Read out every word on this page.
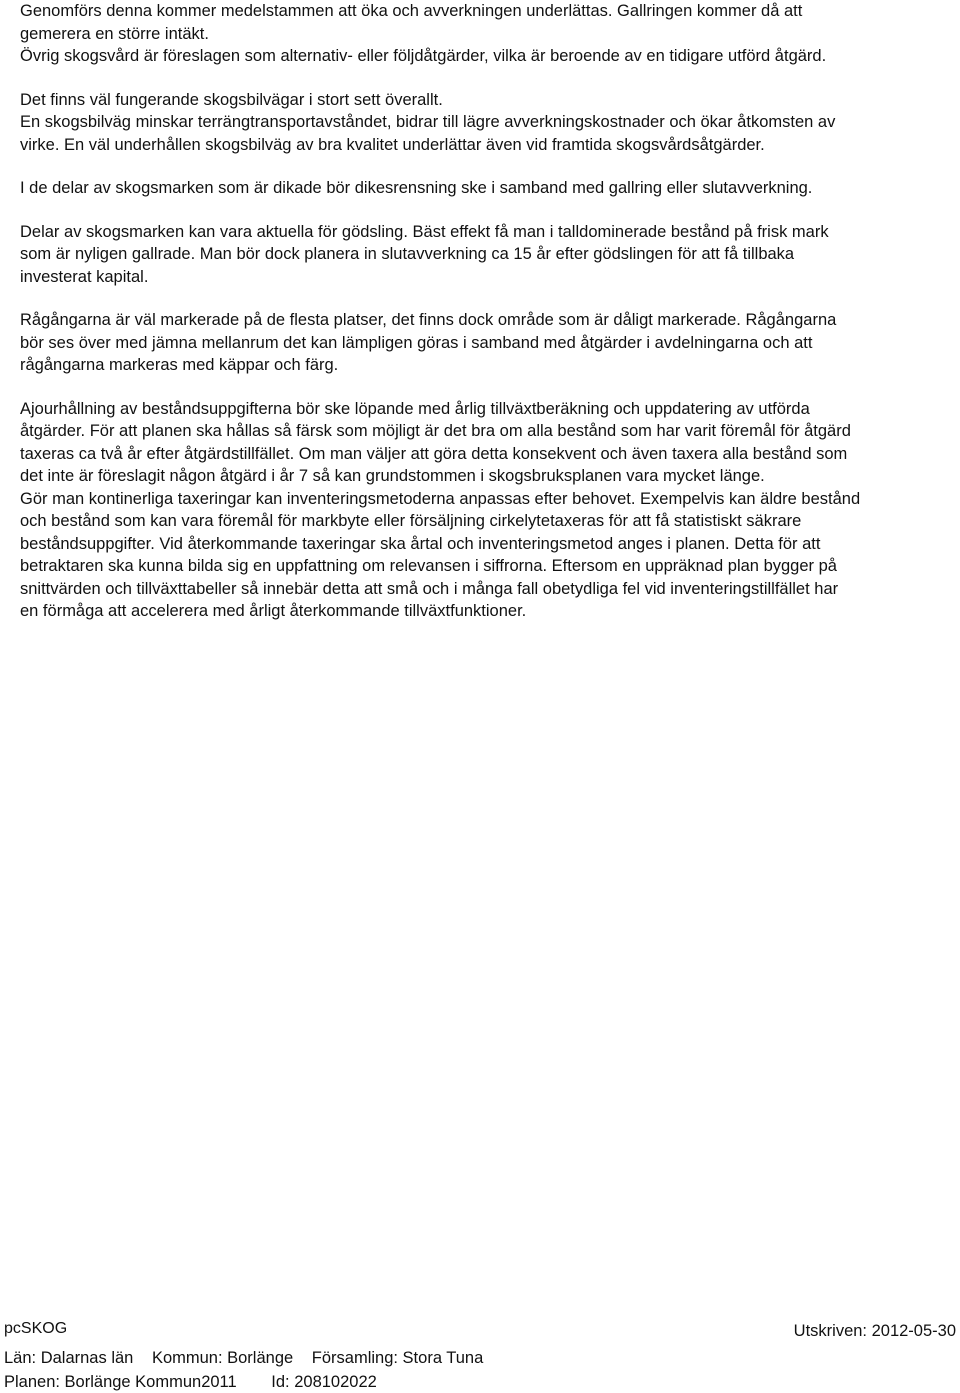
Genomförs denna kommer medelstammen att öka och avverkningen underlättas. Gallringen kommer då att
gemerera en större intäkt.
Övrig skogsvård är föreslagen som alternativ- eller följdåtgärder, vilka är beroende av en tidigare utförd åtgärd.
Det finns väl fungerande skogsbilvägar i stort sett överallt.
En skogsbilväg minskar terrängtransportavståndet, bidrar till lägre avverkningskostnader och ökar åtkomsten av
virke. En väl underhållen skogsbilväg av bra kvalitet underlättar även vid framtida skogsvårdsåtgärder.
I de delar av skogsmarken som är dikade bör dikesrensning ske i samband med gallring eller slutavverkning.
Delar av skogsmarken kan vara aktuella för gödsling. Bäst effekt få man i talldominerade bestånd på frisk mark
som är nyligen gallrade. Man bör dock planera in slutavverkning ca 15 år efter gödslingen för att få tillbaka
investerat kapital.
Rågångarna är väl markerade på de flesta platser, det finns dock område som är dåligt markerade. Rågångarna
bör ses över med jämna mellanrum det kan lämpligen göras i samband med åtgärder i avdelningarna och att
rågångarna markeras med käppar och färg.
Ajourhållning av beståndsuppgifterna bör ske löpande med årlig tillväxtberäkning och uppdatering av utförda
åtgärder. För att planen ska hållas så färsk som möjligt är det bra om alla bestånd som har varit föremål för åtgärd
taxeras ca två år efter åtgärdstillfället. Om man väljer att göra detta konsekvent och även taxera alla bestånd som
det inte är föreslagit någon åtgärd i år 7 så kan grundstommen i skogsbruksplanen vara mycket länge.
Gör man kontinerliga taxeringar kan inventeringsmetoderna anpassas efter behovet. Exempelvis kan äldre bestånd
och bestånd som kan vara föremål för markbyte eller försäljning cirkelytetaxeras för att få statistiskt säkrare
beståndsuppgifter. Vid återkommande taxeringar ska årtal och inventeringsmetod anges i planen. Detta för att
betraktaren ska kunna bilda sig en uppfattning om relevansen i siffrorna. Eftersom en uppräknad plan bygger på
snittvärden och tillväxttabeller så innebär detta att små och i många fall obetydliga fel vid inventeringstillfället har
en förmåga att accelerera med årligt återkommande tillväxtfunktioner.
pcSKOG	Utskriven: 2012-05-30
Län: Dalarnas län Kommun: Borlänge Församling: Stora Tuna
Planen: Borlänge Kommun2011 Id: 208102022
